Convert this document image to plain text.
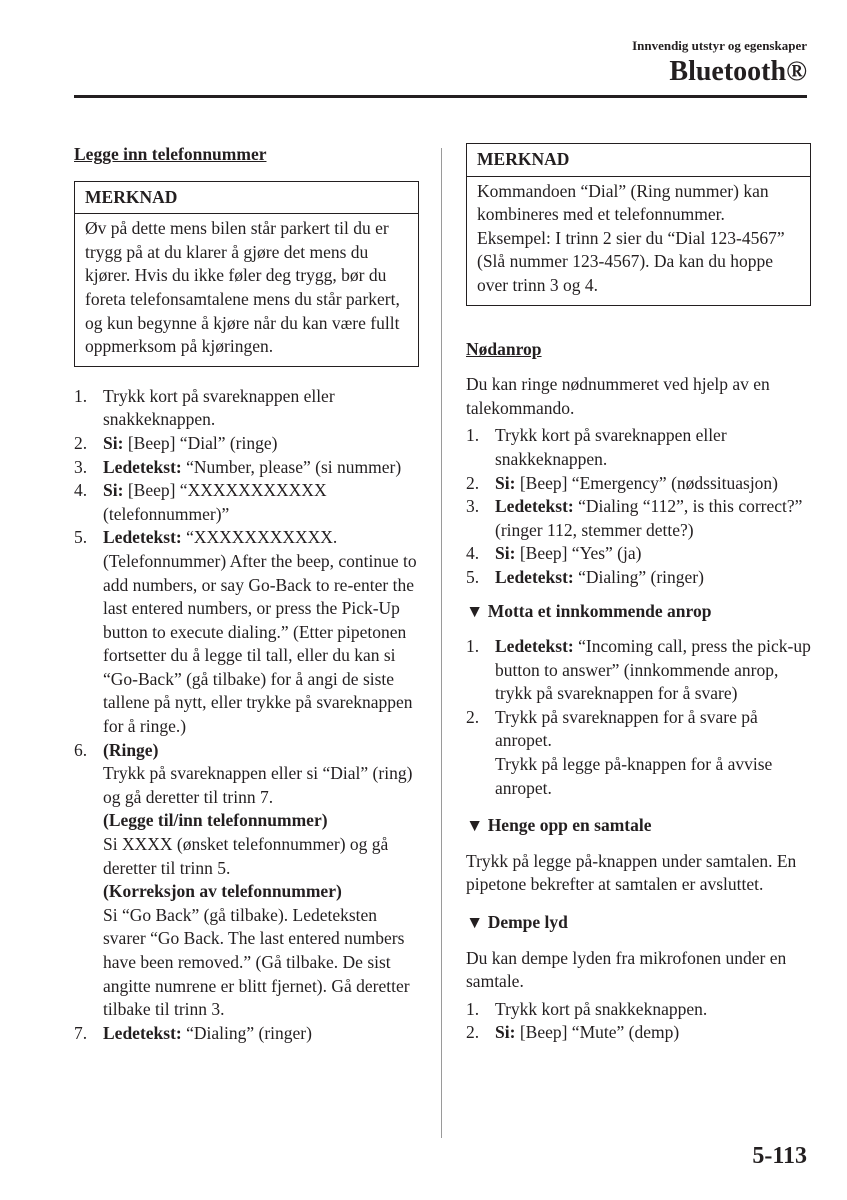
Innvendig utstyr og egenskaper
Bluetooth®
Legge inn telefonnummer
MERKNAD
Øv på dette mens bilen står parkert til du er trygg på at du klarer å gjøre det mens du kjører. Hvis du ikke føler deg trygg, bør du foreta telefonsamtalene mens du står parkert, og kun begynne å kjøre når du kan være fullt oppmerksom på kjøringen.
1. Trykk kort på svareknappen eller snakkeknappen.
2. Si: [Beep] “Dial” (ringe)
3. Ledetekst: “Number, please” (si nummer)
4. Si: [Beep] “XXXXXXXXXXX (telefonnummer)”
5. Ledetekst: “XXXXXXXXXXX. (Telefonnummer) After the beep, continue to add numbers, or say Go-Back to re-enter the last entered numbers, or press the Pick-Up button to execute dialing.” (Etter pipetonen fortsetter du å legge til tall, eller du kan si “Go-Back” (gå tilbake) for å angi de siste tallene på nytt, eller trykke på svareknappen for å ringe.)
6. (Ringe)

Trykk på svareknappen eller si “Dial” (ring) og gå deretter til trinn 7.

(Legge til/inn telefonnummer)

Si XXXX (ønsket telefonnummer) og gå deretter til trinn 5.

(Korreksjon av telefonnummer)

Si “Go Back” (gå tilbake). Ledeteksten svarer “Go Back. The last entered numbers have been removed.” (Gå tilbake. De sist angitte numrene er blitt fjernet). Gå deretter tilbake til trinn 3.

7. Ledetekst: “Dialing” (ringer)
MERKNAD
Kommandoen “Dial” (Ring nummer) kan kombineres med et telefonnummer. Eksempel: I trinn 2 sier du “Dial 123-4567” (Slå nummer 123-4567). Da kan du hoppe over trinn 3 og 4.
Nødanrop
Du kan ringe nødnummeret ved hjelp av en talekommando.
1. Trykk kort på svareknappen eller snakkeknappen.
2. Si: [Beep] “Emergency” (nødssituasjon)
3. Ledetekst: “Dialing “112”, is this correct?” (ringer 112, stemmer dette?)
4. Si: [Beep] “Yes” (ja)
5. Ledetekst: “Dialing” (ringer)
▼ Motta et innkommende anrop
1. Ledetekst: “Incoming call, press the pick-up button to answer” (innkommende anrop, trykk på svareknappen for å svare)
2. Trykk på svareknappen for å svare på anropet.

Trykk på legge på-knappen for å avvise anropet.

▼ Henge opp en samtale
Trykk på legge på-knappen under samtalen. En pipetone bekrefter at samtalen er avsluttet.
▼ Dempe lyd
Du kan dempe lyden fra mikrofonen under en samtale.
1. Trykk kort på snakkeknappen.
2. Si: [Beep] “Mute” (demp)
5-113
